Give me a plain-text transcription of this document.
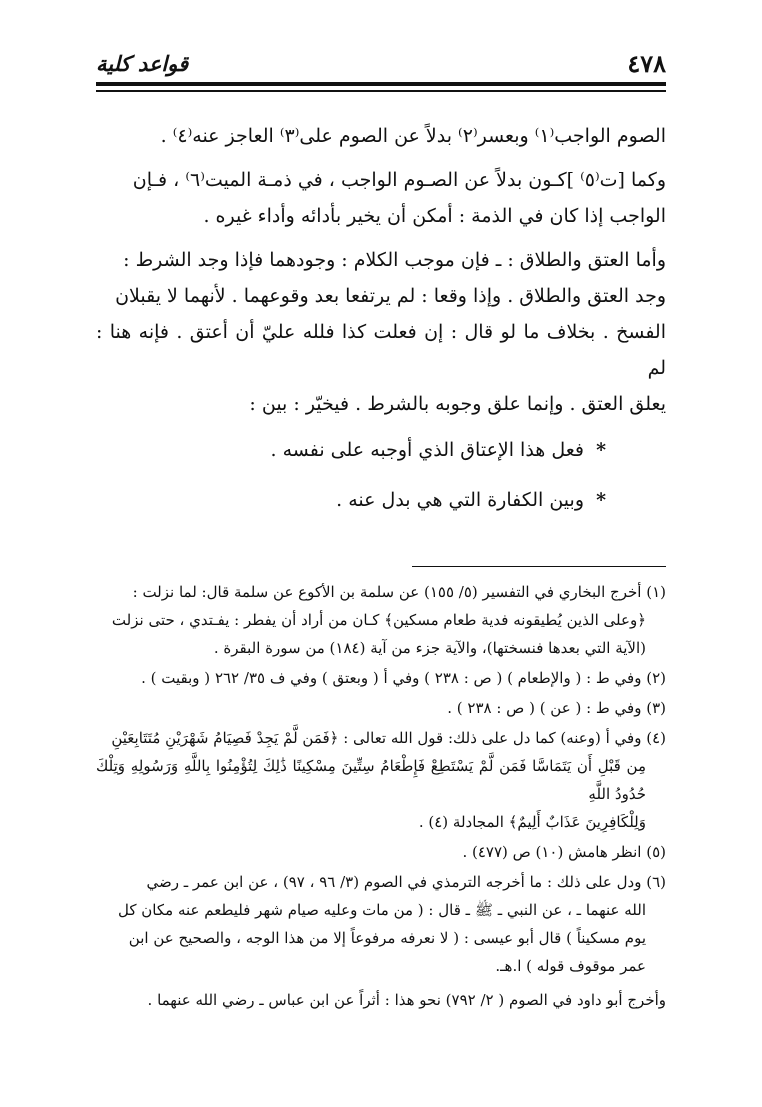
٤٧٨
قواعد كلية

الصوم الواجب⁽١⁾ وبعسر⁽٢⁾ بدلاً عن الصوم على⁽٣⁾ العاجز عنه⁽٤⁾ .

وكما [ت⁽٥⁾ ]كـون بدلاً عن الصـوم الواجب ، في ذمـة الميت⁽٦⁾ ، فـإن

الواجب إذا كان في الذمة : أمكن أن يخير بأدائه وأداء غيره .

وأما العتق والطلاق : ـ فإن موجب الكلام : وجودهما فإذا وجد الشرط :

وجد العتق والطلاق . وإذا وقعا : لم يرتفعا بعد وقوعهما . لأنهما لا يقبلان

الفسخ . بخلاف ما لو قال : إن فعلت كذا فلله عليّ أن أعتق . فإنه هنا : لم

يعلق العتق . وإنما علق وجوبه بالشرط . فيخيّر : بين :

* فعل هذا الإعتاق الذي أوجبه على نفسه .

* وبين الكفارة التي هي بدل عنه .

(١) أخرج البخاري في التفسير (٥/ ١٥٥) عن سلمة بن الأكوع عن سلمة قال: لما نزلت :

﴿وعلى الذين يُطيقونه فدية طعام مسكين﴾ كـان من أراد أن يفطر : يفـتدي ، حتى نزلت

(الآية التي بعدها فنسختها)، والآية جزء من آية (١٨٤) من سورة البقرة .

(٢) وفي ط : ( والإطعام ) ( ص : ٢٣٨ ) وفي أ ( وبعتق ) وفي ف ٣٥/ ٢٦٢ ( وبقيت ) .

(٣) وفي ط : ( عن ) ( ص : ٢٣٨ ) .

(٤) وفي أ (وعنه) كما دل على ذلك: قول الله تعالى : ﴿فَمَن لَّمْ يَجِدْ فَصِيَامُ شَهْرَيْنِ مُتَتَابِعَيْنِ

مِن قَبْلِ أَن يَتَمَاسَّا فَمَن لَّمْ يَسْتَطِعْ فَإِطْعَامُ سِتِّينَ مِسْكِينًا ذَٰلِكَ لِتُؤْمِنُوا بِاللَّهِ وَرَسُولِهِ وَتِلْكَ حُدُودُ اللَّهِ

وَلِلْكَافِرِينَ عَذَابٌ أَلِيمٌ﴾ المجادلة (٤) .

(٥) انظر هامش (١٠) ص (٤٧٧) .

(٦) ودل على ذلك : ما أخرجه الترمذي في الصوم (٣/ ٩٦ ، ٩٧) ، عن ابن عمر ـ رضي

الله عنهما ـ ، عن النبي ـ ﷺ ـ قال : ( من مات وعليه صيام شهر فليطعم عنه مكان كل

يوم مسكيناً ) قال أبو عيسى : ( لا نعرفه مرفوعاً إلا من هذا الوجه ، والصحيح عن ابن

عمر موقوف قوله ) ا.هـ.

وأخرج أبو داود في الصوم ( ٢/ ٧٩٢) نحو هذا : أثراً عن ابن عباس ـ رضي الله عنهما .
